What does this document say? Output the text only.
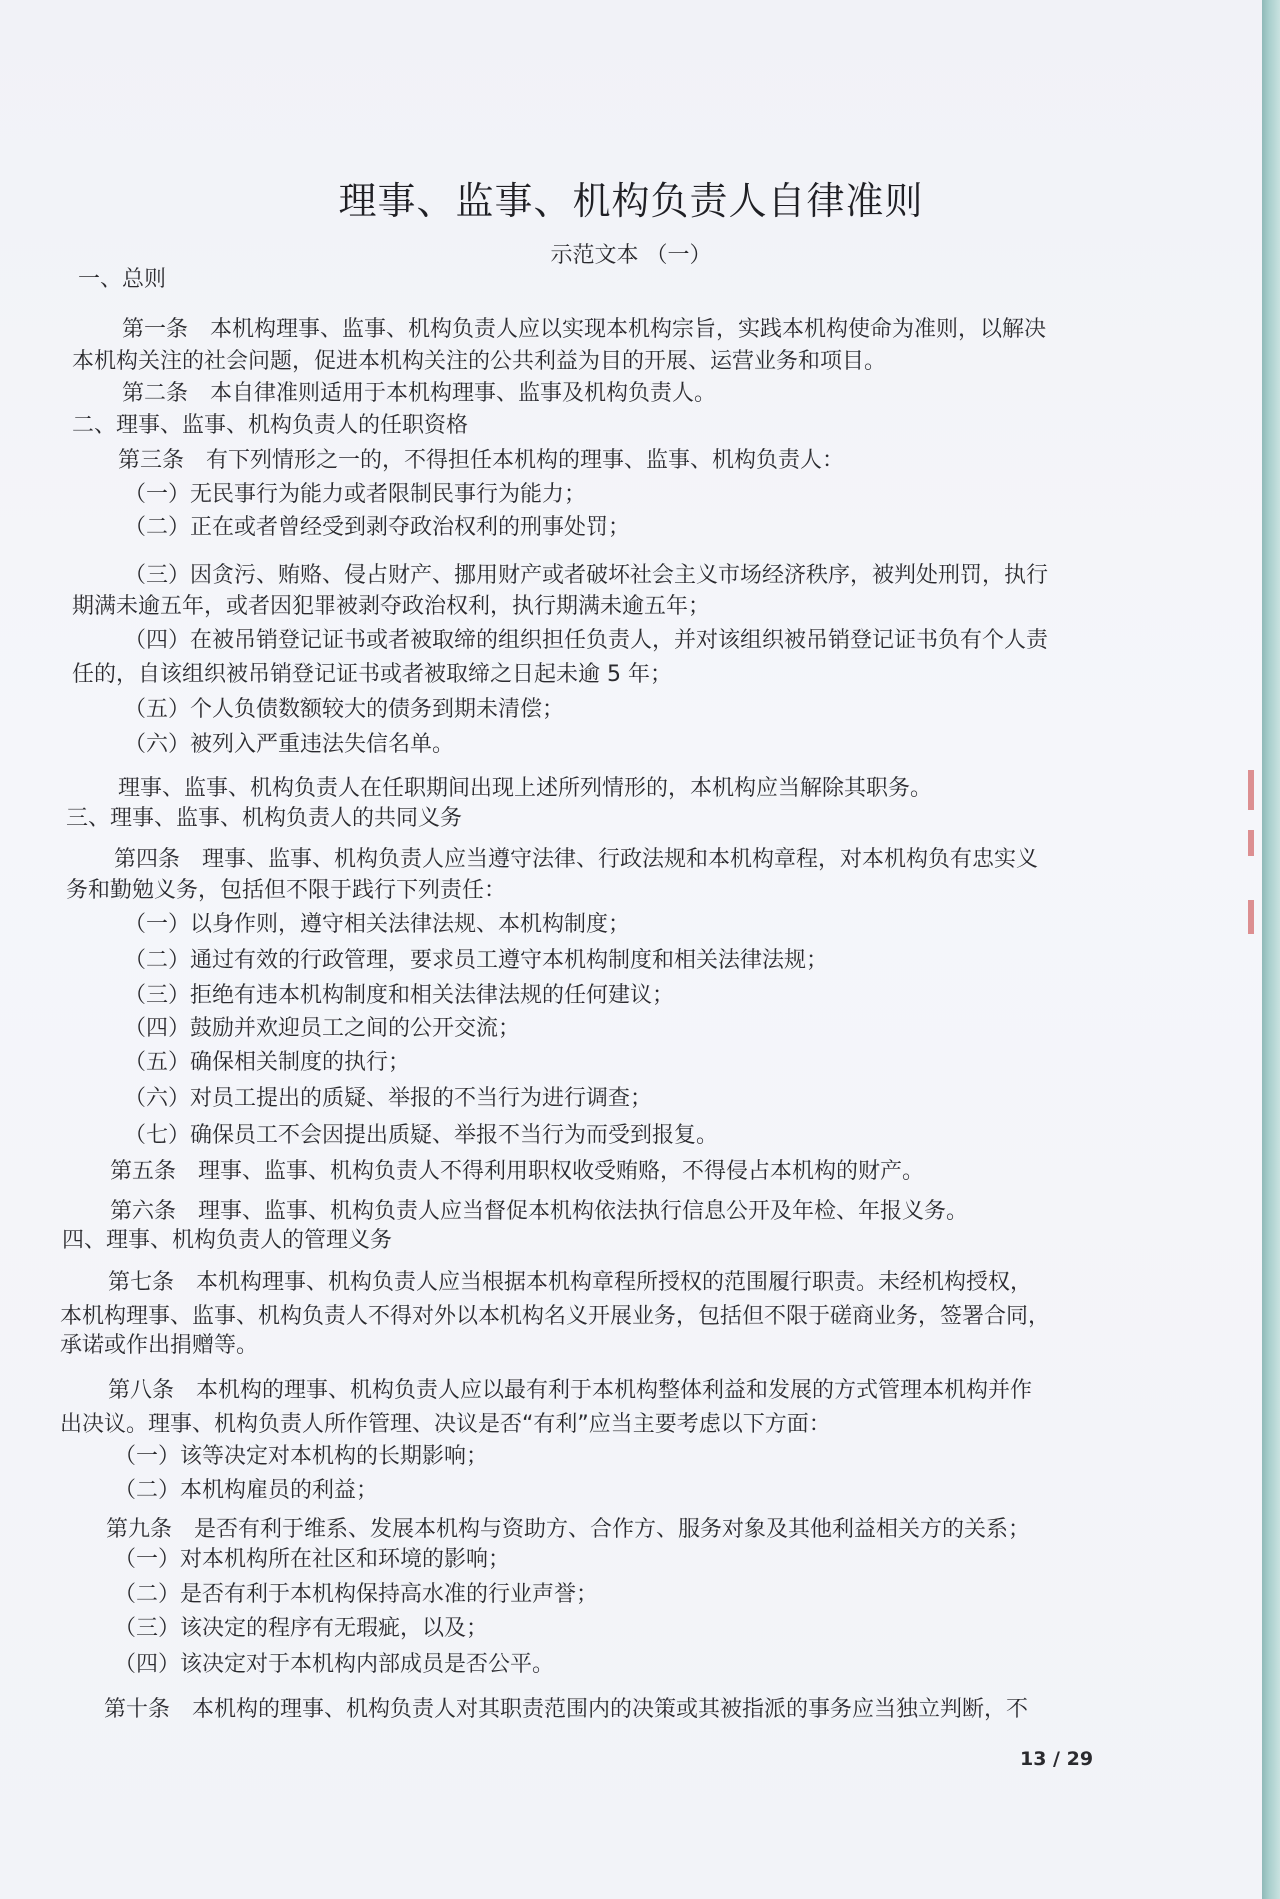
理事、监事、机构负责人自律准则
示范文本 （一）
一、总则
第一条　本机构理事、监事、机构负责人应以实现本机构宗旨，实践本机构使命为准则，以解决
本机构关注的社会问题，促进本机构关注的公共利益为目的开展、运营业务和项目。
第二条　本自律准则适用于本机构理事、监事及机构负责人。
二、理事、监事、机构负责人的任职资格
第三条　有下列情形之一的，不得担任本机构的理事、监事、机构负责人：
（一）无民事行为能力或者限制民事行为能力；
（二）正在或者曾经受到剥夺政治权利的刑事处罚；
（三）因贪污、贿赂、侵占财产、挪用财产或者破坏社会主义市场经济秩序，被判处刑罚，执行
期满未逾五年，或者因犯罪被剥夺政治权利，执行期满未逾五年；
（四）在被吊销登记证书或者被取缔的组织担任负责人，并对该组织被吊销登记证书负有个人责
任的，自该组织被吊销登记证书或者被取缔之日起未逾 5 年；
（五）个人负债数额较大的债务到期未清偿；
（六）被列入严重违法失信名单。
理事、监事、机构负责人在任职期间出现上述所列情形的，本机构应当解除其职务。
三、理事、监事、机构负责人的共同义务
第四条　理事、监事、机构负责人应当遵守法律、行政法规和本机构章程，对本机构负有忠实义
务和勤勉义务，包括但不限于践行下列责任：
（一）以身作则，遵守相关法律法规、本机构制度；
（二）通过有效的行政管理，要求员工遵守本机构制度和相关法律法规；
（三）拒绝有违本机构制度和相关法律法规的任何建议；
（四）鼓励并欢迎员工之间的公开交流；
（五）确保相关制度的执行；
（六）对员工提出的质疑、举报的不当行为进行调查；
（七）确保员工不会因提出质疑、举报不当行为而受到报复。
第五条　理事、监事、机构负责人不得利用职权收受贿赂，不得侵占本机构的财产。
第六条　理事、监事、机构负责人应当督促本机构依法执行信息公开及年检、年报义务。
四、理事、机构负责人的管理义务
第七条　本机构理事、机构负责人应当根据本机构章程所授权的范围履行职责。未经机构授权，
本机构理事、监事、机构负责人不得对外以本机构名义开展业务，包括但不限于磋商业务，签署合同，
承诺或作出捐赠等。
第八条　本机构的理事、机构负责人应以最有利于本机构整体利益和发展的方式管理本机构并作
出决议。理事、机构负责人所作管理、决议是否“有利”应当主要考虑以下方面：
（一）该等决定对本机构的长期影响；
（二）本机构雇员的利益；
第九条　是否有利于维系、发展本机构与资助方、合作方、服务对象及其他利益相关方的关系；
（一）对本机构所在社区和环境的影响；
（二）是否有利于本机构保持高水准的行业声誉；
（三）该决定的程序有无瑕疵，以及；
（四）该决定对于本机构内部成员是否公平。
第十条　本机构的理事、机构负责人对其职责范围内的决策或其被指派的事务应当独立判断，不
13 / 29
